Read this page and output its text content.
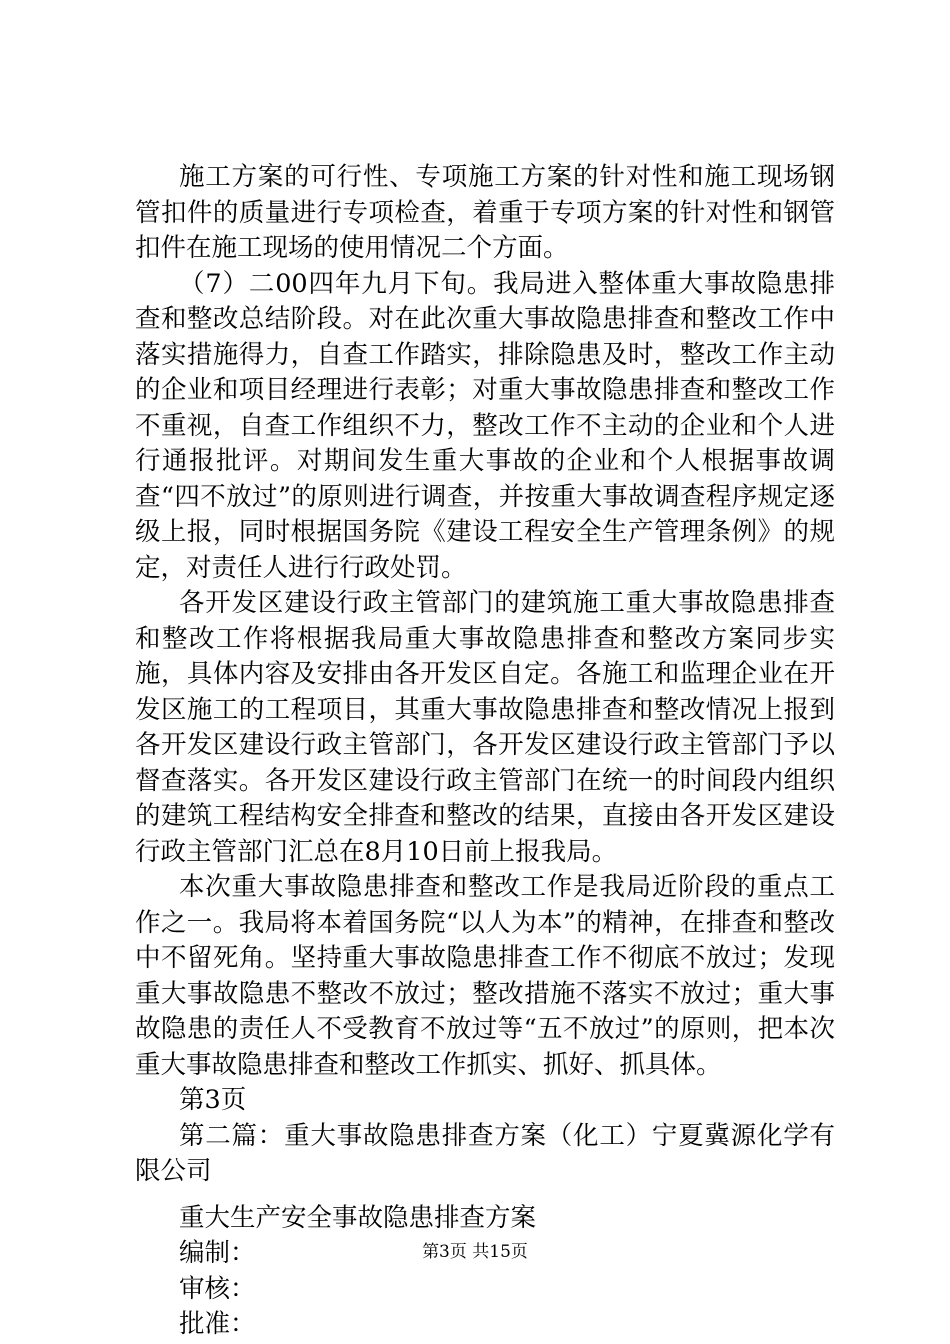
施工方案的可行性、专项施工方案的针对性和施工现场钢管扣件的质量进行专项检查，着重于专项方案的针对性和钢管扣件在施工现场的使用情况二个方面。

（7）二00四年九月下旬。我局进入整体重大事故隐患排查和整改总结阶段。对在此次重大事故隐患排查和整改工作中落实措施得力，自查工作踏实，排除隐患及时，整改工作主动的企业和项目经理进行表彰；对重大事故隐患排查和整改工作不重视，自查工作组织不力，整改工作不主动的企业和个人进行通报批评。对期间发生重大事故的企业和个人根据事故调查“四不放过”的原则进行调查，并按重大事故调查程序规定逐级上报，同时根据国务院《建设工程安全生产管理条例》的规定，对责任人进行行政处罚。

各开发区建设行政主管部门的建筑施工重大事故隐患排查和整改工作将根据我局重大事故隐患排查和整改方案同步实施，具体内容及安排由各开发区自定。各施工和监理企业在开发区施工的工程项目，其重大事故隐患排查和整改情况上报到各开发区建设行政主管部门，各开发区建设行政主管部门予以督查落实。各开发区建设行政主管部门在统一的时间段内组织的建筑工程结构安全排查和整改的结果，直接由各开发区建设行政主管部门汇总在8月10日前上报我局。

本次重大事故隐患排查和整改工作是我局近阶段的重点工作之一。我局将本着国务院“以人为本”的精神，在排查和整改中不留死角。坚持重大事故隐患排查工作不彻底不放过；发现重大事故隐患不整改不放过；整改措施不落实不放过；重大事故隐患的责任人不受教育不放过等“五不放过”的原则，把本次重大事故隐患排查和整改工作抓实、抓好、抓具体。

第3页

第二篇：重大事故隐患排查方案（化工）宁夏冀源化学有限公司

重大生产安全事故隐患排查方案

编制：

审核：

批准：

第3页 共15页
